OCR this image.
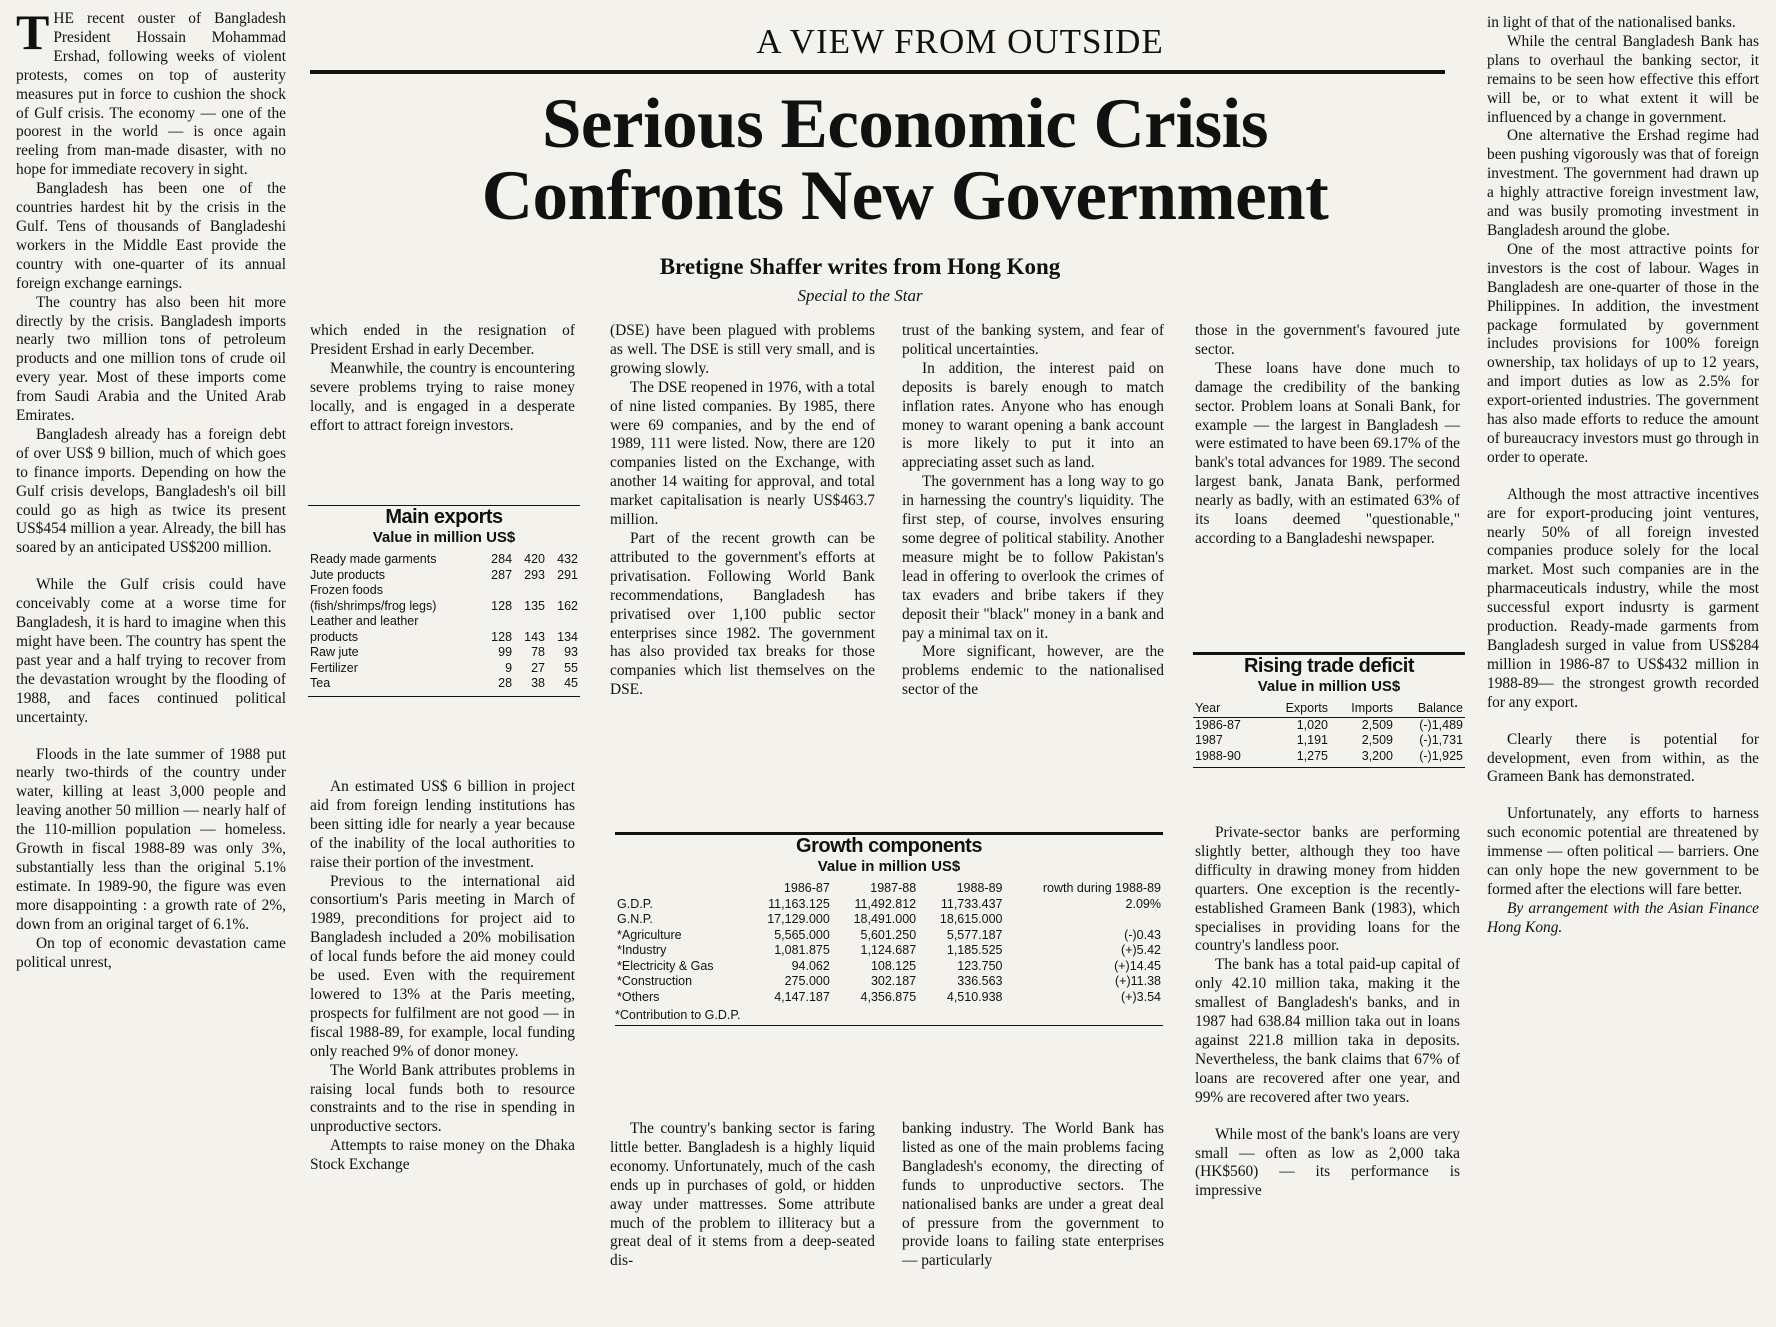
THE recent ouster of Bangladesh President Hossain Mohammad Ershad, following weeks of violent protests, comes on top of austerity measures put in force to cushion the shock of Gulf crisis. The economy — one of the poorest in the world — is once again reeling from man-made disaster, with no hope for immediate recovery in sight.

Bangladesh has been one of the countries hardest hit by the crisis in the Gulf. Tens of thousands of Bangladeshi workers in the Middle East provide the country with one-quarter of its annual foreign exchange earnings.

The country has also been hit more directly by the crisis. Bangladesh imports nearly two million tons of petroleum products and one million tons of crude oil every year. Most of these imports come from Saudi Arabia and the United Arab Emirates.

Bangladesh already has a foreign debt of over US$ 9 billion, much of which goes to finance imports. Depending on how the Gulf crisis develops, Bangladesh's oil bill could go as high as twice its present US$454 million a year. Already, the bill has soared by an anticipated US$200 million.

While the Gulf crisis could have conceivably come at a worse time for Bangladesh, it is hard to imagine when this might have been. The country has spent the past year and a half trying to recover from the devastation wrought by the flooding of 1988, and faces continued political uncertainty.

Floods in the late summer of 1988 put nearly two-thirds of the country under water, killing at least 3,000 people and leaving another 50 million — nearly half of the 110-million population — homeless. Growth in fiscal 1988-89 was only 3%, substantially less than the original 5.1% estimate. In 1989-90, the figure was even more disappointing : a growth rate of 2%, down from an original target of 6.1%.

On top of economic devastation came political unrest,

A VIEW FROM OUTSIDE
Serious Economic Crisis
Confronts New Government
Bretigne Shaffer writes from Hong Kong
Special to the Star

which ended in the resignation of President Ershad in early December.

Meanwhile, the country is encountering severe problems trying to raise money locally, and is engaged in a desperate effort to attract foreign investors.

Main exports
Value in million US$
Ready made garments	284	420	432
Jute products	287	293	291
Frozen foods			
(fish/shrimps/frog legs)	128	135	162
Leather and leather			
products	128	143	134
Raw jute	99	78	93
Fertilizer	9	27	55
Tea	28	38	45

An estimated US$ 6 billion in project aid from foreign lending institutions has been sitting idle for nearly a year because of the inability of the local authorities to raise their portion of the investment.

Previous to the international aid consortium's Paris meeting in March of 1989, preconditions for project aid to Bangladesh included a 20% mobilisation of local funds before the aid money could be used. Even with the requirement lowered to 13% at the Paris meeting, prospects for fulfilment are not good — in fiscal 1988-89, for example, local funding only reached 9% of donor money.

The World Bank attributes problems in raising local funds both to resource constraints and to the rise in spending in unproductive sectors.

Attempts to raise money on the Dhaka Stock Exchange

(DSE) have been plagued with problems as well. The DSE is still very small, and is growing slowly.

The DSE reopened in 1976, with a total of nine listed companies. By 1985, there were 69 companies, and by the end of 1989, 111 were listed. Now, there are 120 companies listed on the Exchange, with another 14 waiting for approval, and total market capitalisation is nearly US$463.7 million.

Part of the recent growth can be attributed to the government's efforts at privatisation. Following World Bank recommendations, Bangladesh has privatised over 1,100 public sector enterprises since 1982. The government has also provided tax breaks for those companies which list themselves on the DSE.

trust of the banking system, and fear of political uncertainties.

In addition, the interest paid on deposits is barely enough to match inflation rates. Anyone who has enough money to warant opening a bank account is more likely to put it into an appreciating asset such as land.

The government has a long way to go in harnessing the country's liquidity. The first step, of course, involves ensuring some degree of political stability. Another measure might be to follow Pakistan's lead in offering to overlook the crimes of tax evaders and bribe takers if they deposit their "black" money in a bank and pay a minimal tax on it.

More significant, however, are the problems endemic to the nationalised sector of the

Growth components
Value in million US$
	1986-87	1987-88	1988-89	rowth during 1988-89
G.D.P.	11,163.125	11,492.812	11,733.437	2.09%
G.N.P.	17,129.000	18,491.000	18,615.000	
*Agriculture	5,565.000	5,601.250	5,577.187	(-)0.43
*Industry	1,081.875	1,124.687	1,185.525	(+)5.42
*Electricity & Gas	94.062	108.125	123.750	(+)14.45
*Construction	275.000	302.187	336.563	(+)11.38
*Others	4,147.187	4,356.875	4,510.938	(+)3.54
*Contribution to G.D.P.

The country's banking sector is faring little better. Bangladesh is a highly liquid economy. Unfortunately, much of the cash ends up in purchases of gold, or hidden away under mattresses. Some attribute much of the problem to illiteracy but a great deal of it stems from a deep-seated dis-

banking industry. The World Bank has listed as one of the main problems facing Bangladesh's economy, the directing of funds to unproductive sectors. The nationalised banks are under a great deal of pressure from the government to provide loans to failing state enterprises — particularly

those in the government's favoured jute sector.

These loans have done much to damage the credibility of the banking sector. Problem loans at Sonali Bank, for example — the largest in Bangladesh — were estimated to have been 69.17% of the bank's total advances for 1989. The second largest bank, Janata Bank, performed nearly as badly, with an estimated 63% of its loans deemed "questionable," according to a Bangladeshi newspaper.

Rising trade deficit
Value in million US$
Year	Exports	Imports	Balance
1986-87	1,020	2,509	(-)1,489
1987	1,191	2,509	(-)1,731
1988-90	1,275	3,200	(-)1,925

Private-sector banks are performing slightly better, although they too have difficulty in drawing money from hidden quarters. One exception is the recently-established Grameen Bank (1983), which specialises in providing loans for the country's landless poor.

The bank has a total paid-up capital of only 42.10 million taka, making it the smallest of Bangladesh's banks, and in 1987 had 638.84 million taka out in loans against 221.8 million taka in deposits. Nevertheless, the bank claims that 67% of loans are recovered after one year, and 99% are recovered after two years.

While most of the bank's loans are very small — often as low as 2,000 taka (HK$560) — its performance is impressive

in light of that of the nationalised banks.

While the central Bangladesh Bank has plans to overhaul the banking sector, it remains to be seen how effective this effort will be, or to what extent it will be influenced by a change in government.

One alternative the Ershad regime had been pushing vigorously was that of foreign investment. The government had drawn up a highly attractive foreign investment law, and was busily promoting investment in Bangladesh around the globe.

One of the most attractive points for investors is the cost of labour. Wages in Bangladesh are one-quarter of those in the Philippines. In addition, the investment package formulated by government includes provisions for 100% foreign ownership, tax holidays of up to 12 years, and import duties as low as 2.5% for export-oriented industries. The government has also made efforts to reduce the amount of bureaucracy investors must go through in order to operate.

Although the most attractive incentives are for export-producing joint ventures, nearly 50% of all foreign invested companies produce solely for the local market. Most such companies are in the pharmaceuticals industry, while the most successful export indusrty is garment production. Ready-made garments from Bangladesh surged in value from US$284 million in 1986-87 to US$432 million in 1988-89— the strongest growth recorded for any export.

Clearly there is potential for development, even from within, as the Grameen Bank has demonstrated.

Unfortunately, any efforts to harness such economic potential are threatened by immense — often political — barriers. One can only hope the new government to be formed after the elections will fare better.

By arrangement with the Asian Finance Hong Kong.
